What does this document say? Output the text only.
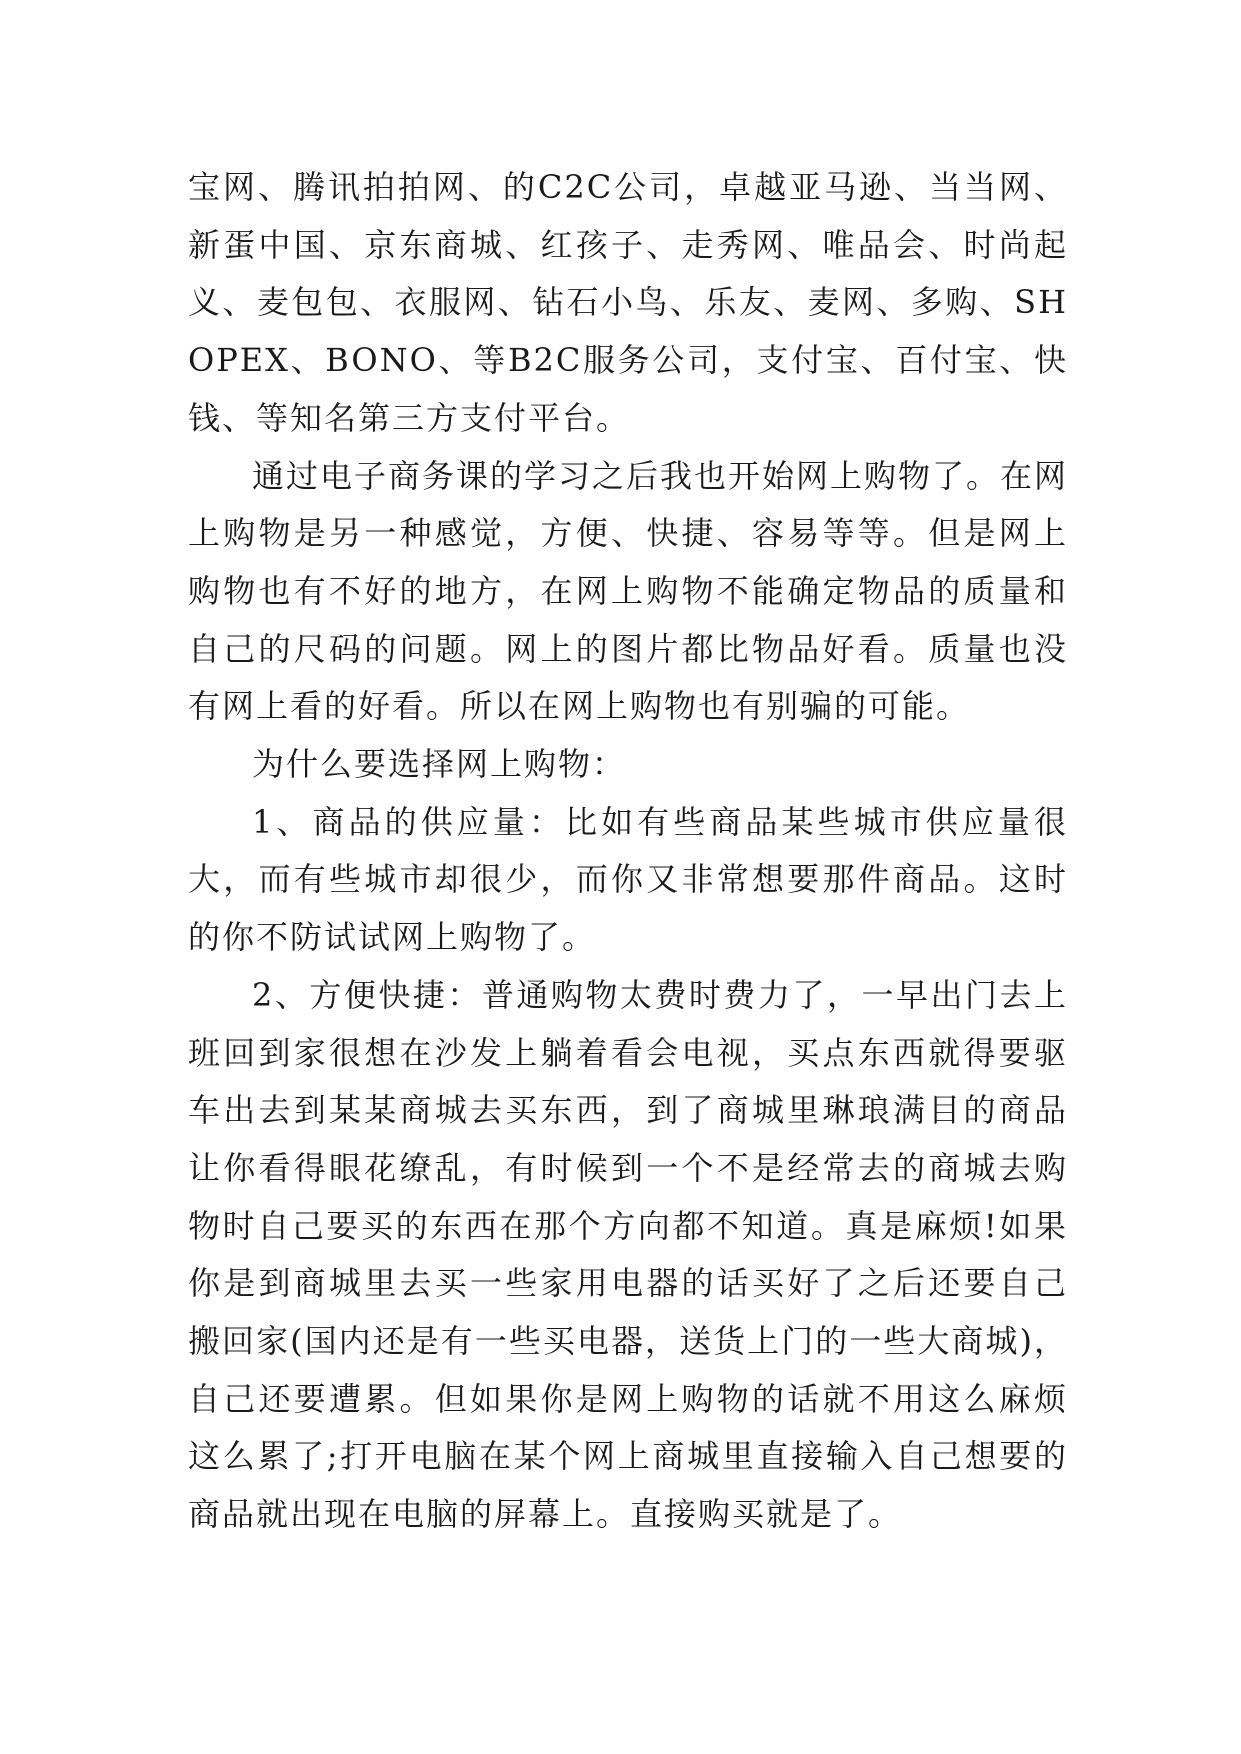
宝网、腾讯拍拍网、的C2C公司，卓越亚马逊、当当网、新蛋中国、京东商城、红孩子、走秀网、唯品会、时尚起义、麦包包、衣服网、钻石小鸟、乐友、麦网、多购、SHOPEX、BONO、等B2C服务公司，支付宝、百付宝、快钱、等知名第三方支付平台。

通过电子商务课的学习之后我也开始网上购物了。在网上购物是另一种感觉，方便、快捷、容易等等。但是网上购物也有不好的地方，在网上购物不能确定物品的质量和自己的尺码的问题。网上的图片都比物品好看。质量也没有网上看的好看。所以在网上购物也有别骗的可能。

为什么要选择网上购物：

1、商品的供应量：比如有些商品某些城市供应量很大，而有些城市却很少，而你又非常想要那件商品。这时的你不防试试网上购物了。

2、方便快捷：普通购物太费时费力了，一早出门去上班回到家很想在沙发上躺着看会电视，买点东西就得要驱车出去到某某商城去买东西，到了商城里琳琅满目的商品让你看得眼花缭乱，有时候到一个不是经常去的商城去购物时自己要买的东西在那个方向都不知道。真是麻烦!如果你是到商城里去买一些家用电器的话买好了之后还要自己搬回家(国内还是有一些买电器，送货上门的一些大商城)，自己还要遭累。但如果你是网上购物的话就不用这么麻烦这么累了;打开电脑在某个网上商城里直接输入自己想要的商品就出现在电脑的屏幕上。直接购买就是了。
